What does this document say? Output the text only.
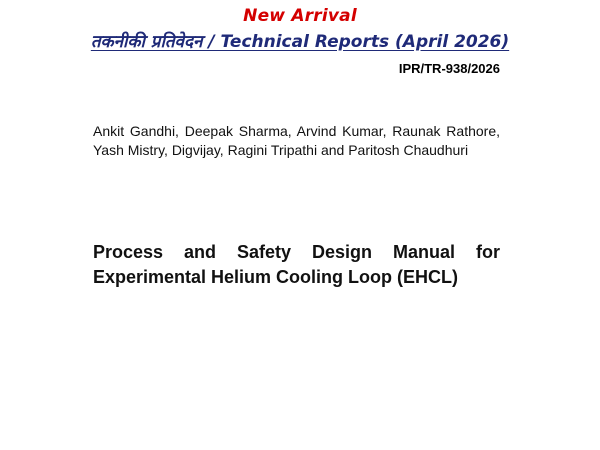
New Arrival
तकनीकी प्रतिवेदन / Technical Reports (April 2026)
IPR/TR-938/2026
Ankit Gandhi, Deepak Sharma, Arvind Kumar, Raunak Rathore, Yash Mistry, Digvijay, Ragini Tripathi and Paritosh Chaudhuri
Process and Safety Design Manual for Experimental Helium Cooling Loop (EHCL)
